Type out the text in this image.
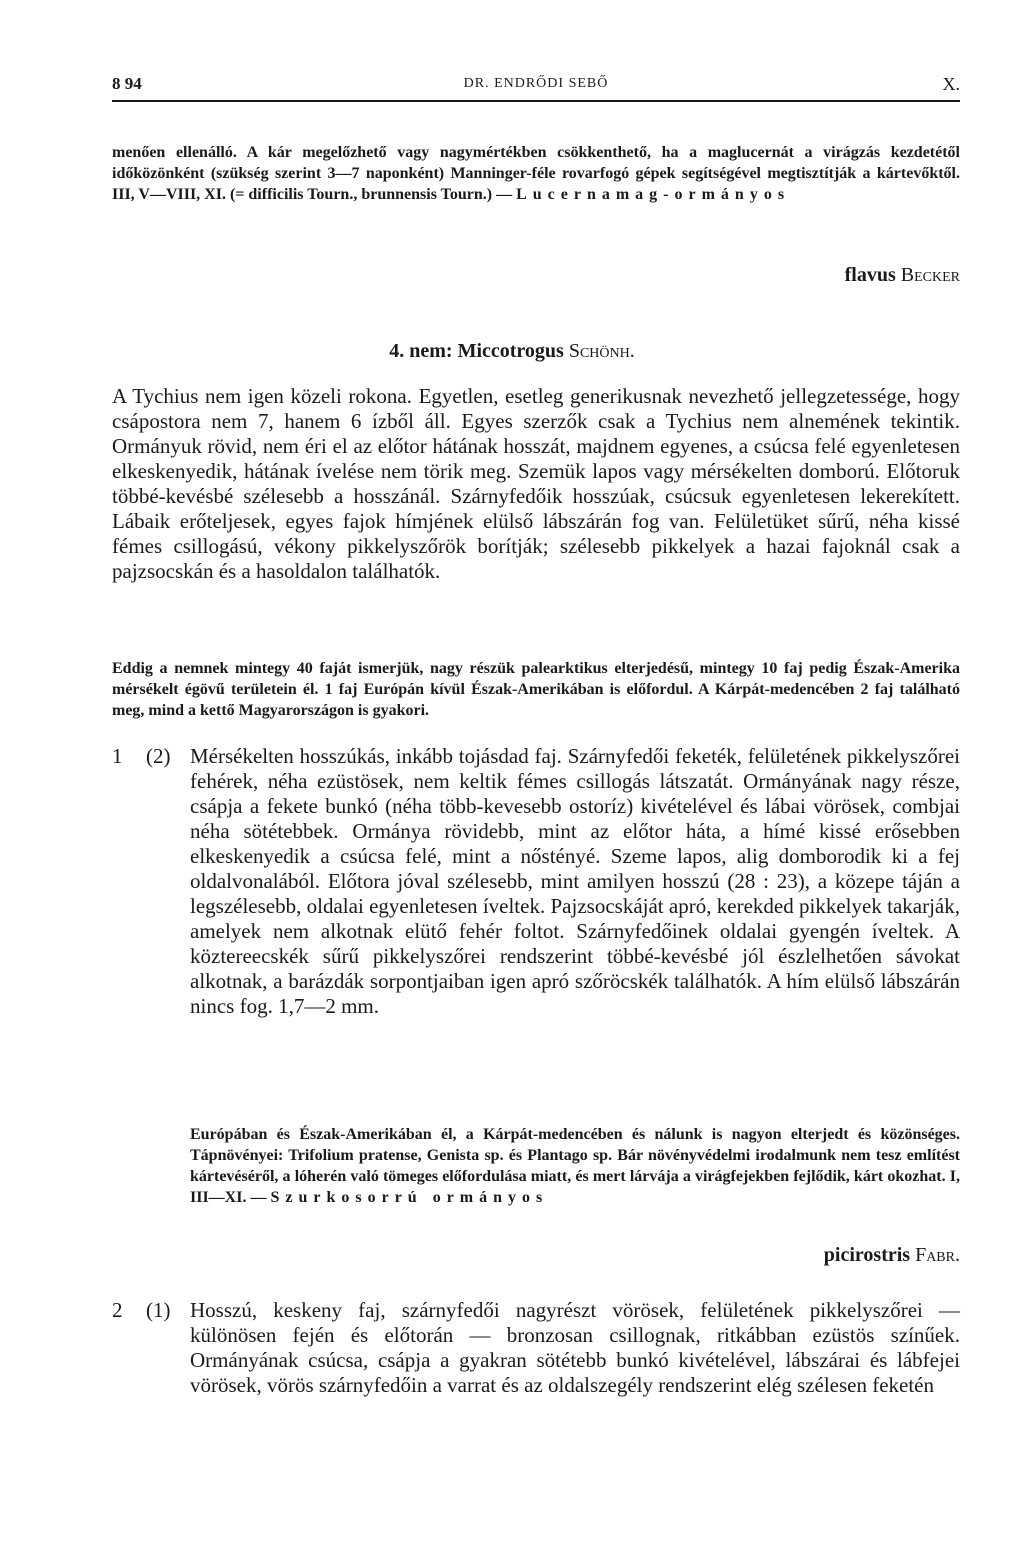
8 94	DR. ENDRŐDI SEBŐ	X.
menően ellenálló. A kár megelőzhető vagy nagymértékben csökkenthető, ha a maglucernát a virágzás kezdetétől időközönként (szükség szerint 3—7 naponként) Manninger-féle rovarfogó gépek segítségével megtisztítják a kártevőktől. III, V—VIII, XI. (= difficilis Tourn., brunnensis Tourn.) — Lucernamag-ormányos
flavus Becker
4. nem: Miccotrogus Schönh.
A Tychius nem igen közeli rokona. Egyetlen, esetleg generikusnak nevezhető jellegzetessége, hogy csápostora nem 7, hanem 6 ízből áll. Egyes szerzők csak a Tychius nem alnemének tekintik. Ormányuk rövid, nem éri el az előtor hátának hosszát, majdnem egyenes, a csúcsa felé egyenletesen elkeskenyedik, hátának ívelése nem törik meg. Szemük lapos vagy mérsékelten domború. Előtoruk többé-kevésbé szélesebb a hosszánál. Szárnyfedőik hosszúak, csúcsuk egyenletesen lekerekített. Lábaik erőteljesek, egyes fajok hímjének elülső lábszárán fog van. Felületüket sűrű, néha kissé fémes csillogású, vékony pikkelyszőrök borítják; szélesebb pikkelyek a hazai fajoknál csak a pajzsocskán és a hasoldalon találhatók.
Eddig a nemnek mintegy 40 faját ismerjük, nagy részük palearktikus elterjedésű, mintegy 10 faj pedig Észak-Amerika mérsékelt égövű területein él. 1 faj Európán kívül Észak-Amerikában is előfordul. A Kárpát-medencében 2 faj található meg, mind a kettő Magyarországon is gyakori.
1 (2) Mérsékelten hosszúkás, inkább tojásdad faj. Szárnyfedői feketék, felületének pikkelyszőrei fehérek, néha ezüstösek, nem keltik fémes csillogás látszatát. Ormányának nagy része, csápja a fekete bunkó (néha több-kevesebb ostoríz) kivételével és lábai vörösek, combjai néha sötétebbek. Ormánya rövidebb, mint az előtor háta, a hímé kissé erősebben elkeskenyedik a csúcsa felé, mint a nőstényé. Szeme lapos, alig domborodik ki a fej oldalvonalából. Előtora jóval szélesebb, mint amilyen hosszú (28 : 23), a közepe táján a legszélesebb, oldalai egyenletesen íveltek. Pajzsocskáját apró, kerekded pikkelyek takarják, amelyek nem alkotnak elütő fehér foltot. Szárnyfedőinek oldalai gyengén íveltek. A köztereecskék sűrű pikkelyszőrei rendszerint többé-kevésbé jól észlelhetően sávokat alkotnak, a barázdák sorpontjaiban igen apró szőröcskék találhatók. A hím elülső lábszárán nincs fog. 1,7—2 mm.
Európában és Észak-Amerikában él, a Kárpát-medencében és nálunk is nagyon elterjedt és közönséges. Tápnövényei: Trifolium pratense, Genista sp. és Plantago sp. Bár növényvédelmi irodalmunk nem tesz említést kártevéséről, a lóherén való tömeges előfordulása miatt, és mert lárvája a virágfejekben fejlődik, kárt okozhat. I, III—XI. — Szurkosorrú ormányos
picirostris Fabr.
2 (1) Hosszú, keskeny faj, szárnyfedői nagyrészt vörösek, felületének pikkelyszőrei — különösen fején és előtorán — bronzosan csillognak, ritkábban ezüstös színűek. Ormányának csúcsa, csápja a gyakran sötétebb bunkó kivételével, lábszárai és lábfejei vörösek, vörös szárnyfedőin a varrat és az oldalszegély rendszerint elég szélesen feketén
